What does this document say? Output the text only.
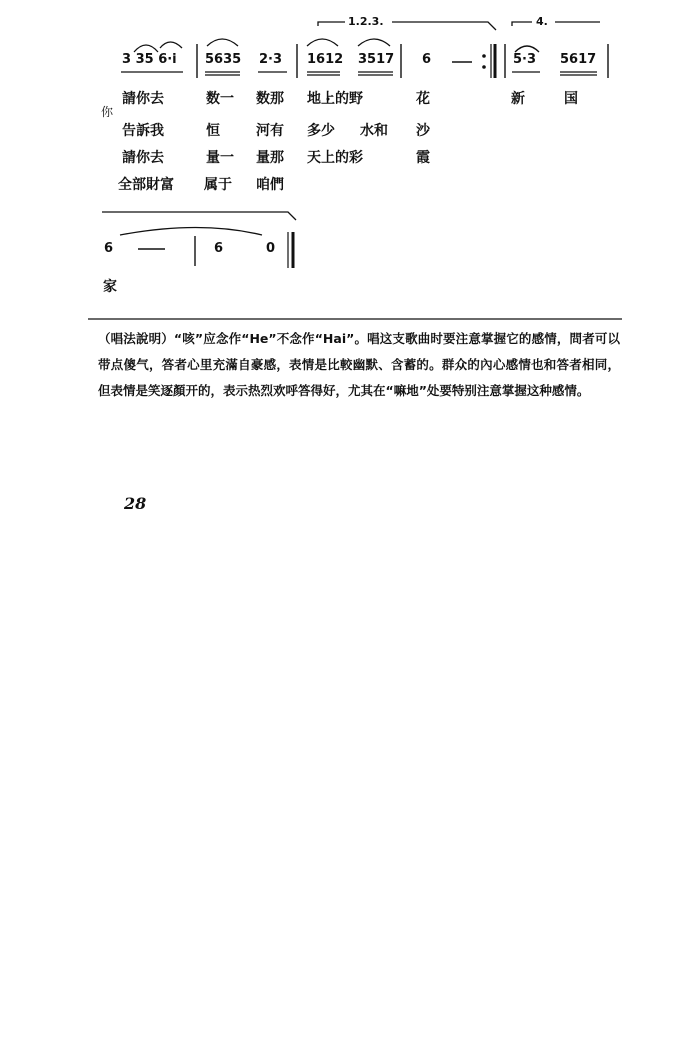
1.2.3.	4.
3 35 6·i 5635 2·3 1612 3517 6	5·3 5617
你
請你去	数一 数那 地上的野	花	新	国
告訴我	恒	河有 多少 水和 沙
請你去	量一 量那 天上的彩	霞
全部財富 属于 咱們
6	6	0
家
（唱法說明）“咳”应念作“He”不念作“Hai”。唱这支歌曲时要注意掌握它的感情，問者可以带点傻气，答者心里充滿自豪感，表情是比較幽默、含蓄的。群众的內心感情也和答者相同，但表情是笑逐顏开的，表示热烈欢呼答得好，尤其在“嘛地”处要特别注意掌握这种感情。
28
